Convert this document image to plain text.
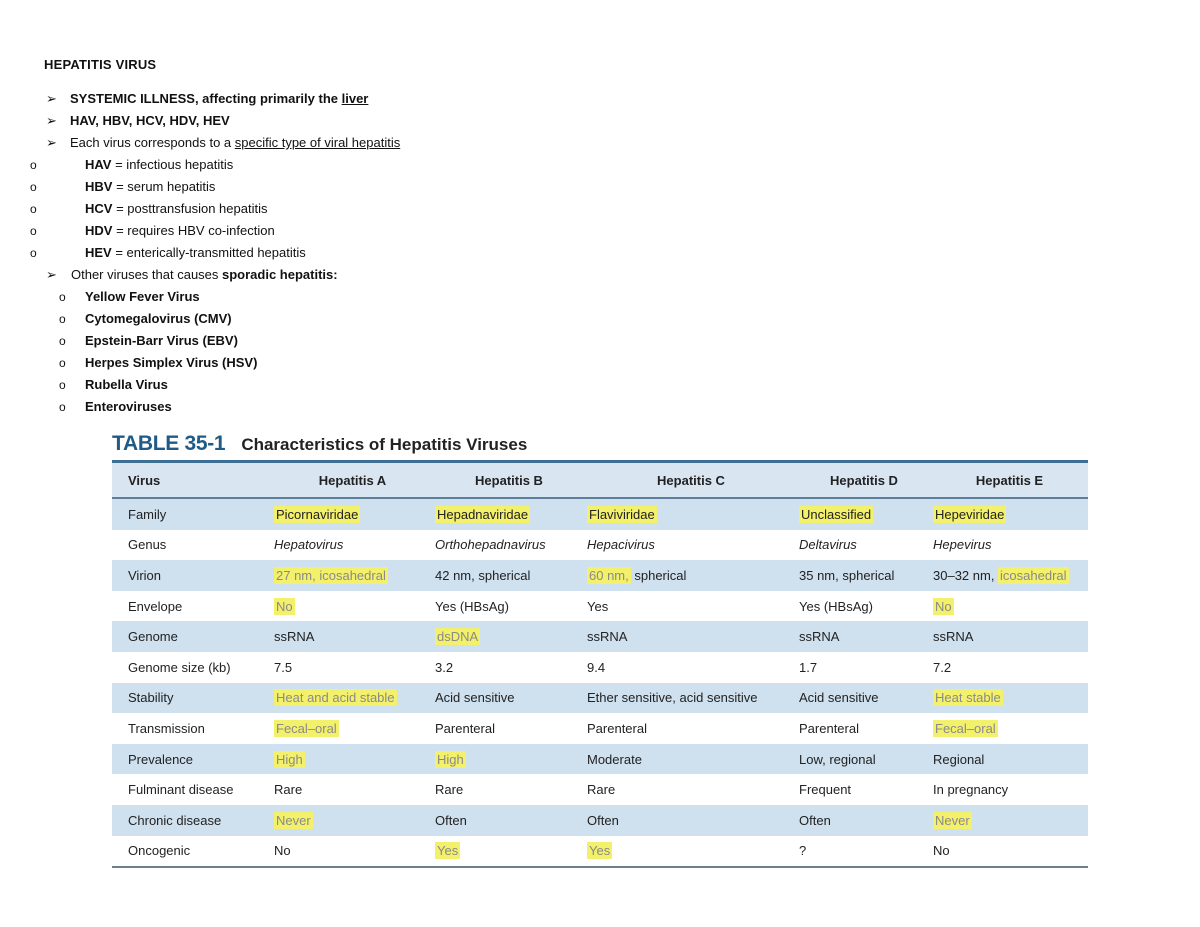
HEPATITIS VIRUS
➢ SYSTEMIC ILLNESS, affecting primarily the liver
➢ HAV, HBV, HCV, HDV, HEV
➢ Each virus corresponds to a specific type of viral hepatitis
o	HAV = infectious hepatitis
o	HBV = serum hepatitis
o	HCV = posttransfusion hepatitis
o	HDV = requires HBV co-infection
o	HEV = enterically-transmitted hepatitis
➢ Other viruses that causes sporadic hepatitis:
o Yellow Fever Virus
o Cytomegalovirus (CMV)
o Epstein-Barr Virus (EBV)
o Herpes Simplex Virus (HSV)
o Rubella Virus
o Enteroviruses
TABLE 35-1 Characteristics of Hepatitis Viruses
Virus	Hepatitis A	Hepatitis B	Hepatitis C	Hepatitis D	Hepatitis E
Family	Picornaviridae	Hepadnaviridae	Flaviviridae	Unclassified	Hepeviridae
Genus	Hepatovirus	Orthohepadnavirus	Hepacivirus	Deltavirus	Hepevirus
Virion	27 nm, icosahedral	42 nm, spherical	60 nm, spherical	35 nm, spherical	30–32 nm, icosahedral
Envelope	No	Yes (HBsAg)	Yes	Yes (HBsAg)	No
Genome	ssRNA	dsDNA	ssRNA	ssRNA	ssRNA
Genome size (kb)	7.5	3.2	9.4	1.7	7.2
Stability	Heat and acid stable	Acid sensitive	Ether sensitive, acid sensitive	Acid sensitive	Heat stable
Transmission	Fecal–oral	Parenteral	Parenteral	Parenteral	Fecal–oral
Prevalence	High	High	Moderate	Low, regional	Regional
Fulminant disease	Rare	Rare	Rare	Frequent	In pregnancy
Chronic disease	Never	Often	Often	Often	Never
Oncogenic	No	Yes	Yes	?	No
